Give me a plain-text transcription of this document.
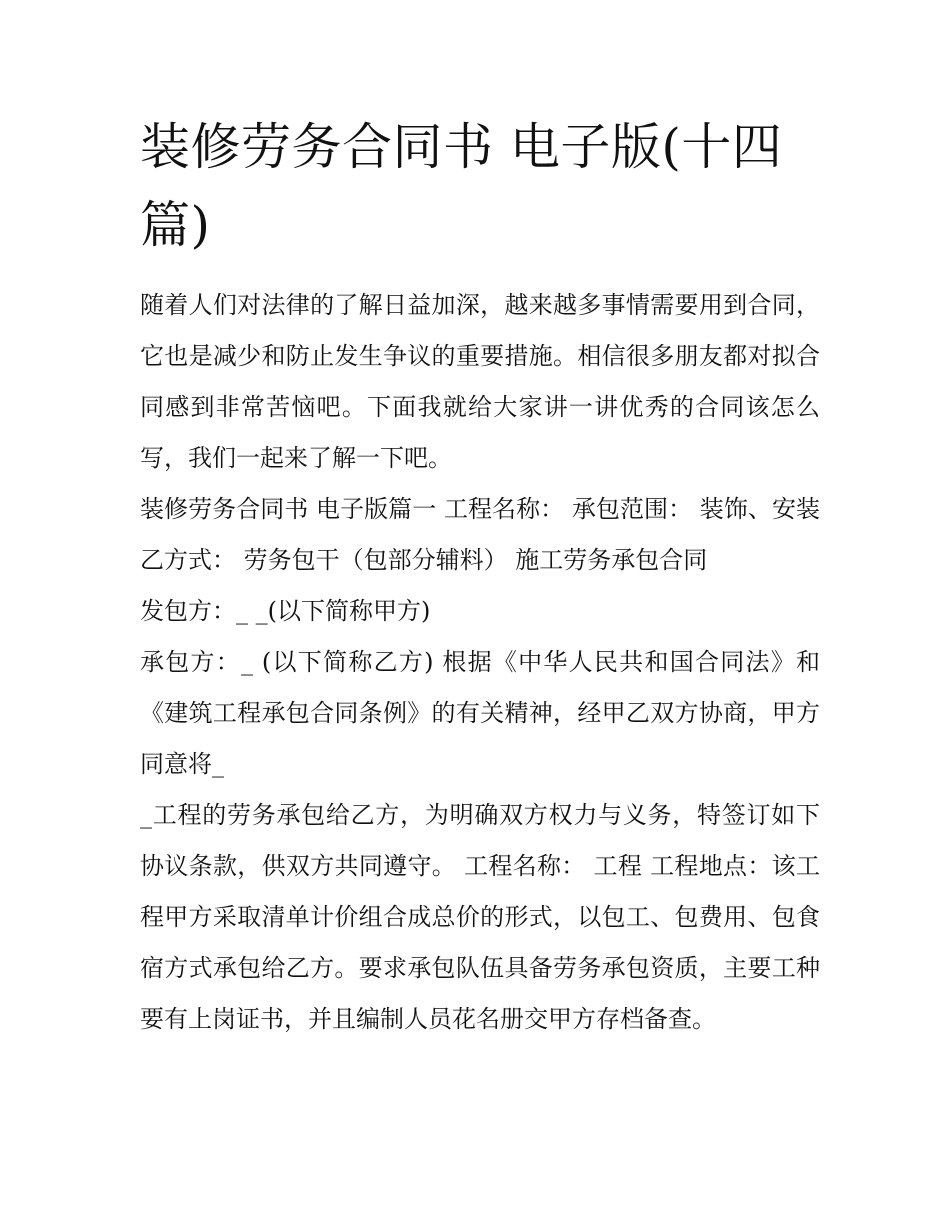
装修劳务合同书 电子版(十四篇)

随着人们对法律的了解日益加深，越来越多事情需要用到合同，它也是减少和防止发生争议的重要措施。相信很多朋友都对拟合同感到非常苦恼吧。下面我就给大家讲一讲优秀的合同该怎么写，我们一起来了解一下吧。

装修劳务合同书 电子版篇一 工程名称： 承包范围： 装饰、安装 乙方式： 劳务包干（包部分辅料） 施工劳务承包合同

发包方：_ _(以下简称甲方)

承包方：_ (以下简称乙方) 根据《中华人民共和国合同法》和《建筑工程承包合同条例》的有关精神，经甲乙双方协商，甲方同意将_

_工程的劳务承包给乙方，为明确双方权力与义务，特签订如下协议条款，供双方共同遵守。 工程名称： 工程 工程地点：该工程甲方采取清单计价组合成总价的形式，以包工、包费用、包食宿方式承包给乙方。要求承包队伍具备劳务承包资质，主要工种要有上岗证书，并且编制人员花名册交甲方存档备查。
